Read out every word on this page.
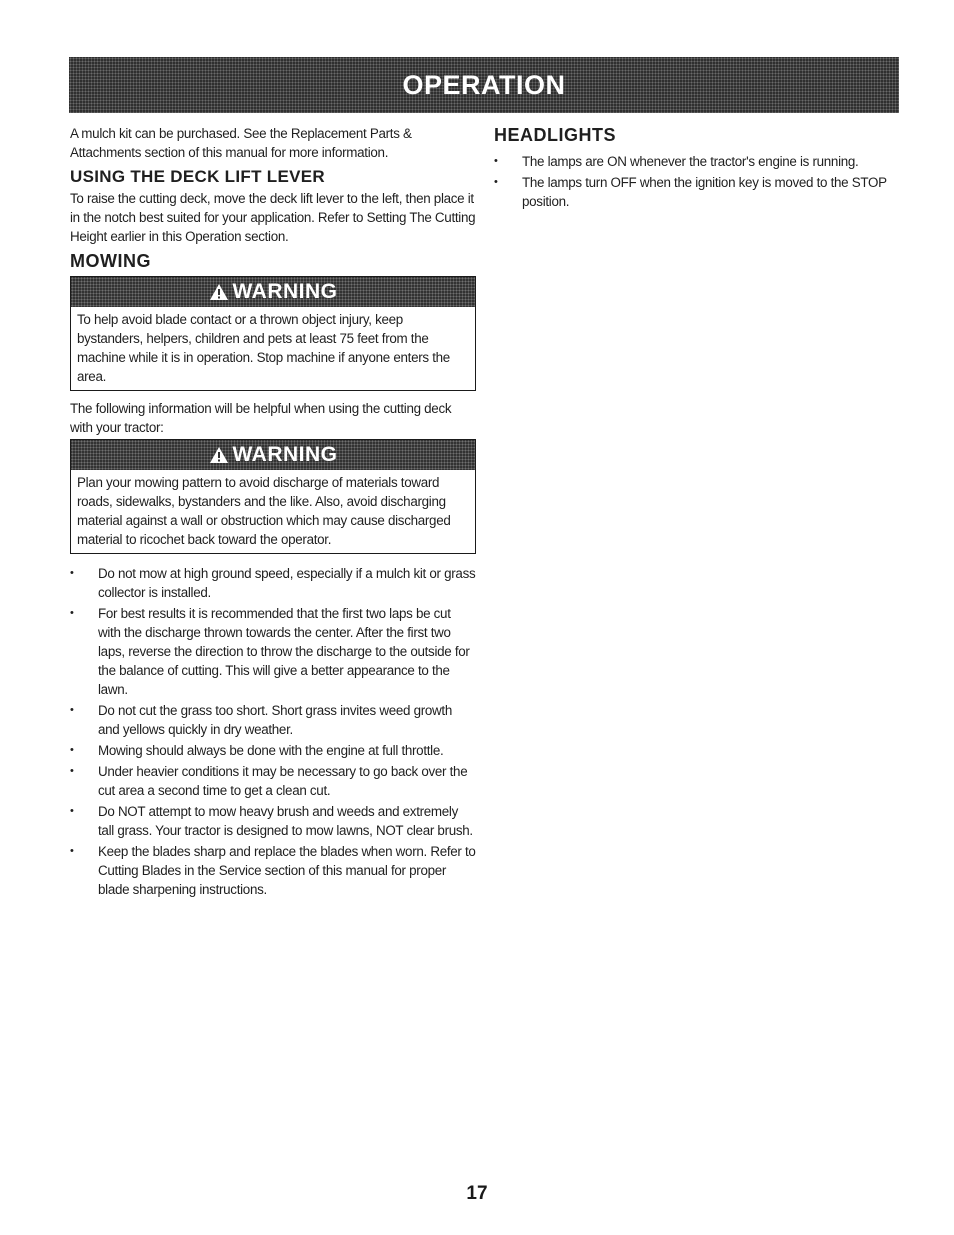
OPERATION

A mulch kit can be purchased. See the Replacement Parts & Attachments section of this manual for more information.

USING THE DECK LIFT LEVER

To raise the cutting deck, move the deck lift lever to the left, then place it in the notch best suited for your application. Refer to Setting The Cutting Height earlier in this Operation section.

MOWING
WARNING

To help avoid blade contact or a thrown object injury, keep bystanders, helpers, children and pets at least 75 feet from the machine while it is in operation. Stop machine if anyone enters the area.

The following information will be helpful when using the cutting deck with your tractor:

WARNING

Plan your mowing pattern to avoid discharge of materials toward roads, sidewalks, bystanders and the like. Also, avoid discharging material against a wall or obstruction which may cause discharged material to ricochet back toward the operator.

• Do not mow at high ground speed, especially if a mulch kit or grass collector is installed.
• For best results it is recommended that the first two laps be cut with the discharge thrown towards the center. After the first two laps, reverse the direction to throw the discharge to the outside for the balance of cutting. This will give a better appearance to the lawn.
• Do not cut the grass too short. Short grass invites weed growth and yellows quickly in dry weather.
• Mowing should always be done with the engine at full throttle.
• Under heavier conditions it may be necessary to go back over the cut area a second time to get a clean cut.
• Do NOT attempt to mow heavy brush and weeds and extremely tall grass. Your tractor is designed to mow lawns, NOT clear brush.
• Keep the blades sharp and replace the blades when worn. Refer to Cutting Blades in the Service section of this manual for proper blade sharpening instructions.
HEADLIGHTS
• The lamps are ON whenever the tractor's engine is running.
• The lamps turn OFF when the ignition key is moved to the STOP position.
17
